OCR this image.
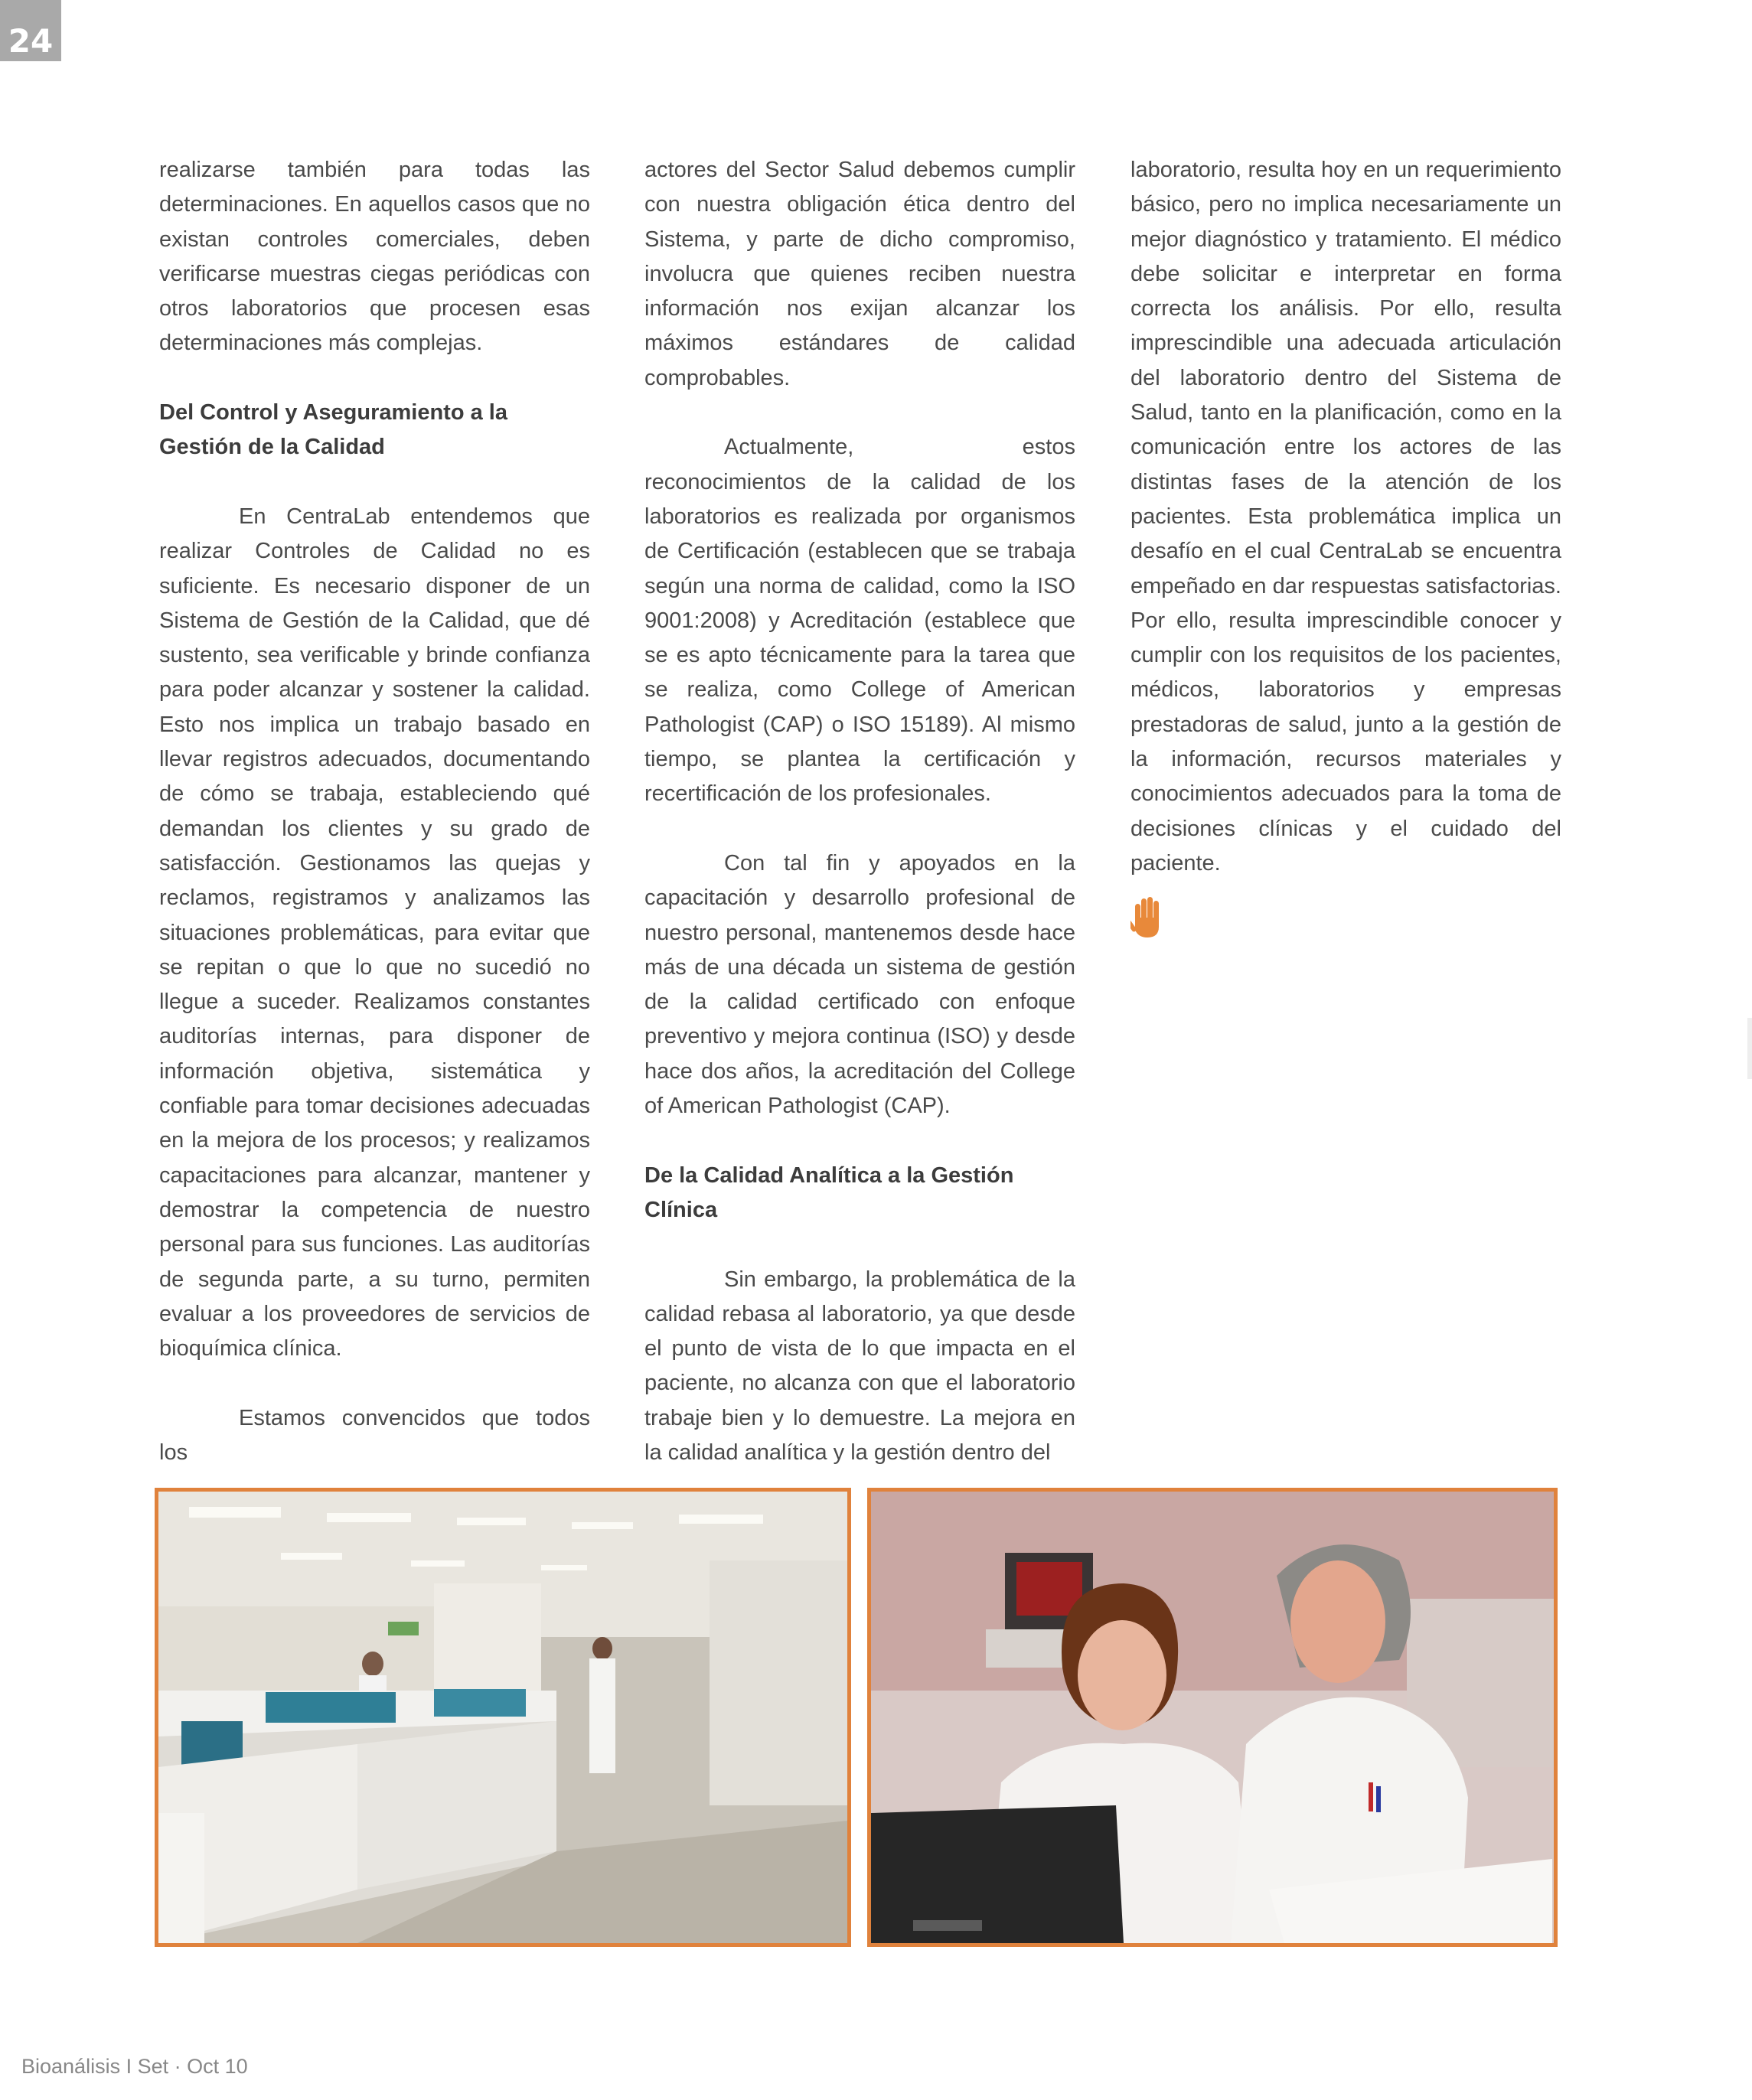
24

realizarse también para todas las determinaciones. En aquellos casos que no existan controles comerciales, deben verificarse muestras ciegas periódicas con otros laboratorios que procesen esas determinaciones más complejas.

Del Control y Aseguramiento a la Gestión de la Calidad

En CentraLab entendemos que realizar Controles de Calidad no es suficiente. Es necesario disponer de un Sistema de Gestión de la Calidad, que dé sustento, sea verificable y brinde confianza para poder alcanzar y sostener la calidad. Esto nos implica un trabajo basado en llevar registros adecuados, documentando de cómo se trabaja, estableciendo qué demandan los clientes y su grado de satisfacción. Gestionamos las quejas y reclamos, registramos y analizamos las situaciones problemáticas, para evitar que se repitan o que lo que no sucedió no llegue a suceder. Realizamos constantes auditorías internas, para disponer de información objetiva, sistemática y confiable para tomar decisiones adecuadas en la mejora de los procesos; y realizamos capacitaciones para alcanzar, mantener y demostrar la competencia de nuestro personal para sus funciones. Las auditorías de segunda parte, a su turno, permiten evaluar a los proveedores de servicios de bioquímica clínica.

Estamos convencidos que todos los

actores del Sector Salud debemos cumplir con nuestra obligación ética dentro del Sistema, y parte de dicho compromiso, involucra que quienes reciben nuestra información nos exijan alcanzar los máximos estándares de calidad comprobables.

Actualmente, estos reconocimientos de la calidad de los laboratorios es realizada por organismos de Certificación (establecen que se trabaja según una norma de calidad, como la ISO 9001:2008) y Acreditación (establece que se es apto técnicamente para la tarea que se realiza, como College of American Pathologist (CAP) o ISO 15189). Al mismo tiempo, se plantea la certificación y recertificación de los profesionales.

Con tal fin y apoyados en la capacitación y desarrollo profesional de nuestro personal, mantenemos desde hace más de una década un sistema de gestión de la calidad certificado con enfoque preventivo y mejora continua (ISO) y desde hace dos años, la acreditación del College of American Pathologist (CAP).

De la Calidad Analítica a la Gestión Clínica

Sin embargo, la problemática de la calidad rebasa al laboratorio, ya que desde el punto de vista de lo que impacta en el paciente, no alcanza con que el laboratorio trabaje bien y lo demuestre. La mejora en la calidad analítica y la gestión dentro del

laboratorio, resulta hoy en un requerimiento básico, pero no implica necesariamente un mejor diagnóstico y tratamiento. El médico debe solicitar e interpretar en forma correcta los análisis. Por ello, resulta imprescindible una adecuada articulación del laboratorio dentro del Sistema de Salud, tanto en la planificación, como en la comunicación entre los actores de las distintas fases de la atención de los pacientes. Esta problemática implica un desafío en el cual CentraLab se encuentra empeñado en dar respuestas satisfactorias. Por ello, resulta imprescindible conocer y cumplir con los requisitos de los pacientes, médicos, laboratorios y empresas prestadoras de salud, junto a la gestión de la información, recursos materiales y conocimientos adecuados para la toma de decisiones clínicas y el cuidado del paciente.

Bioanálisis I Set · Oct 10
